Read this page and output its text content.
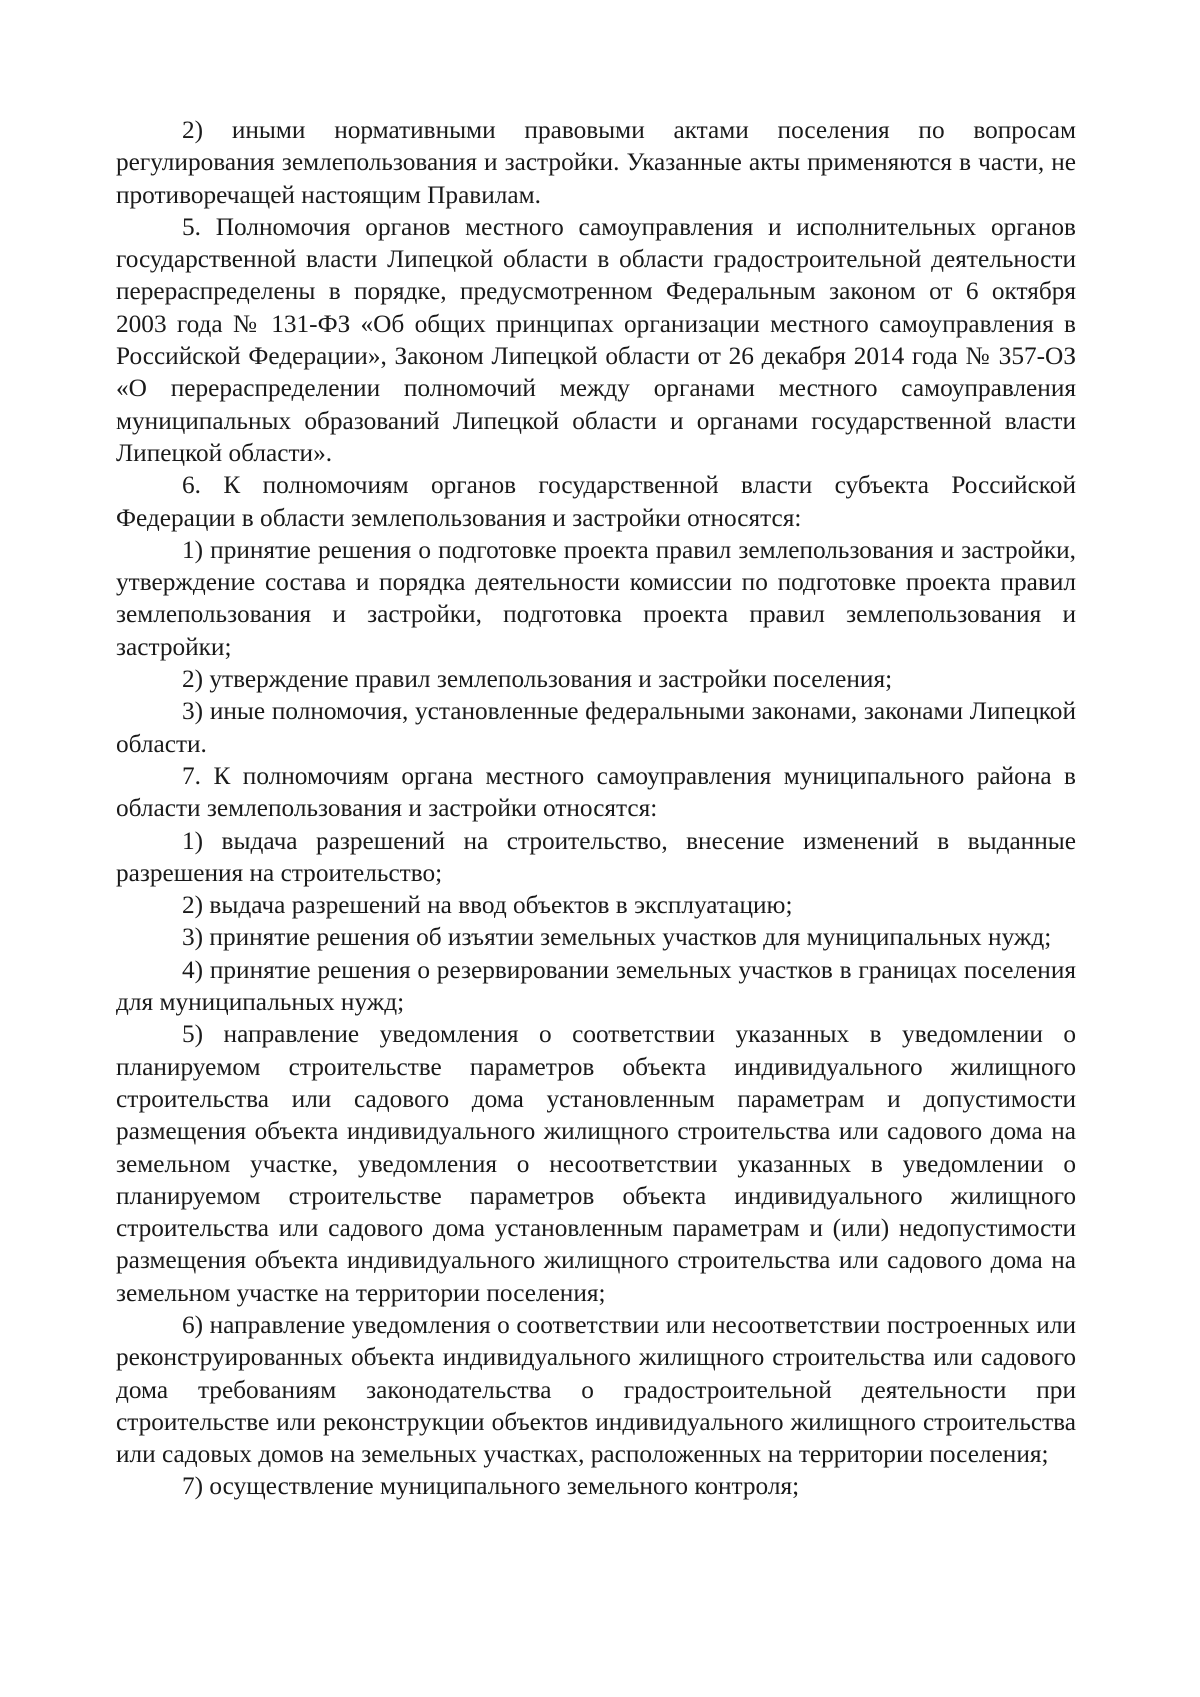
2) иными нормативными правовыми актами поселения по вопросам регулирования землепользования и застройки. Указанные акты применяются в части, не противоречащей настоящим Правилам.

5. Полномочия органов местного самоуправления и исполнительных органов государственной власти Липецкой области в области градостроительной деятельности перераспределены в порядке, предусмотренном Федеральным законом от 6 октября 2003 года № 131-ФЗ «Об общих принципах организации местного самоуправления в Российской Федерации», Законом Липецкой области от 26 декабря 2014 года № 357-ОЗ «О перераспределении полномочий между органами местного самоуправления муниципальных образований Липецкой области и органами государственной власти Липецкой области».

6. К полномочиям органов государственной власти субъекта Российской Федерации в области землепользования и застройки относятся:

1) принятие решения о подготовке проекта правил землепользования и застройки, утверждение состава и порядка деятельности комиссии по подготовке проекта правил землепользования и застройки, подготовка проекта правил землепользования и застройки;

2) утверждение правил землепользования и застройки поселения;

3) иные полномочия, установленные федеральными законами, законами Липецкой области.

7. К полномочиям органа местного самоуправления муниципального района в области землепользования и застройки относятся:

1) выдача разрешений на строительство, внесение изменений в выданные разрешения на строительство;

2) выдача разрешений на ввод объектов в эксплуатацию;

3) принятие решения об изъятии земельных участков для муниципальных нужд;

4) принятие решения о резервировании земельных участков в границах поселения для муниципальных нужд;

5) направление уведомления о соответствии указанных в уведомлении о планируемом строительстве параметров объекта индивидуального жилищного строительства или садового дома установленным параметрам и допустимости размещения объекта индивидуального жилищного строительства или садового дома на земельном участке, уведомления о несоответствии указанных в уведомлении о планируемом строительстве параметров объекта индивидуального жилищного строительства или садового дома установленным параметрам и (или) недопустимости размещения объекта индивидуального жилищного строительства или садового дома на земельном участке на территории поселения;

6) направление уведомления о соответствии или несоответствии построенных или реконструированных объекта индивидуального жилищного строительства или садового дома требованиям законодательства о градостроительной деятельности при строительстве или реконструкции объектов индивидуального жилищного строительства или садовых домов на земельных участках, расположенных на территории поселения;

7) осуществление муниципального земельного контроля;
